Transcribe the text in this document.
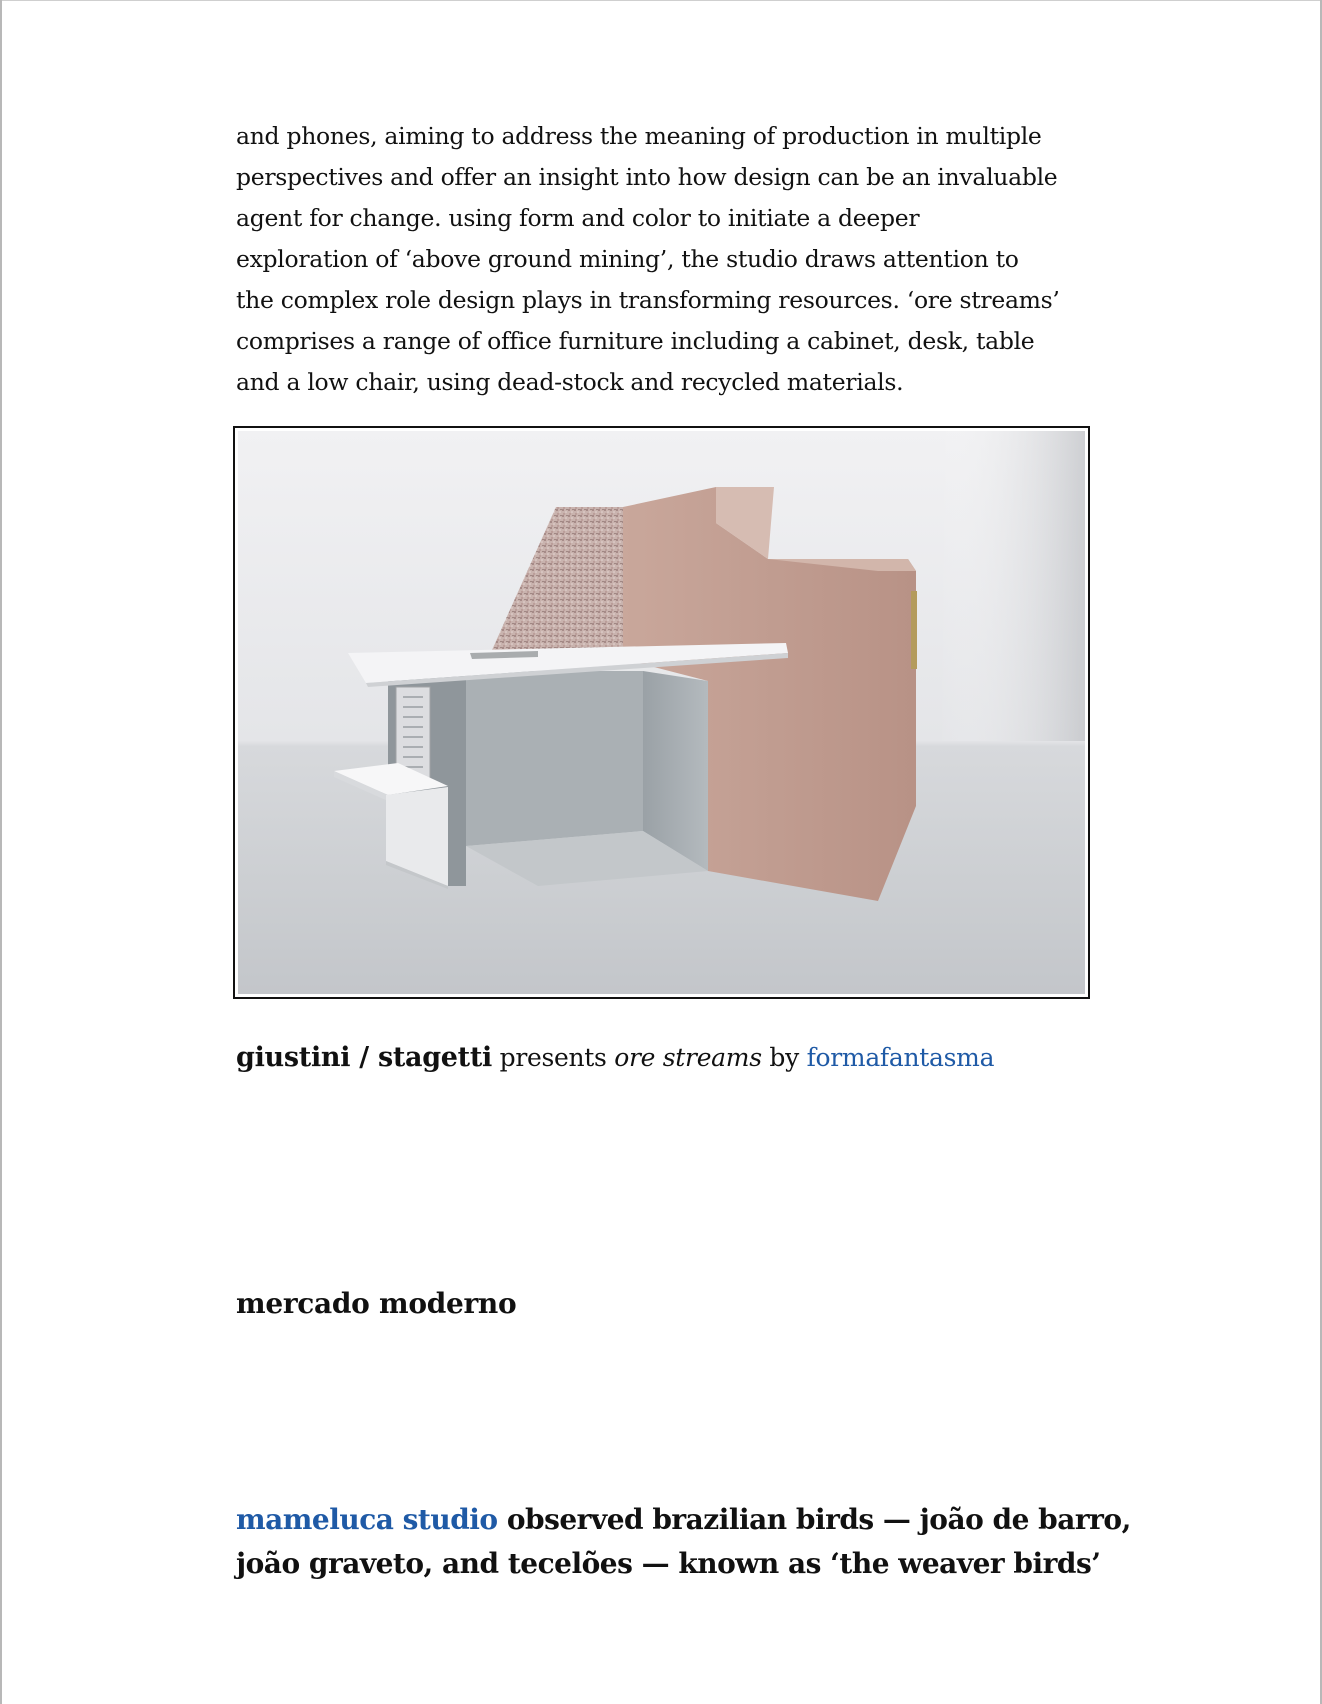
and phones, aiming to address the meaning of production in multiple
perspectives and offer an insight into how design can be an invaluable
agent for change. using form and color to initiate a deeper
exploration of ‘above ground mining’, the studio draws attention to
the complex role design plays in transforming resources. ‘ore streams’
comprises a range of office furniture including a cabinet, desk, table
and a low chair, using dead-stock and recycled materials.

giustini / stagetti presents ore streams by formafantasma
mercado moderno
mameluca studio observed brazilian birds — joão de barro,
joão graveto, and tecelões — known as ‘the weaver birds’
